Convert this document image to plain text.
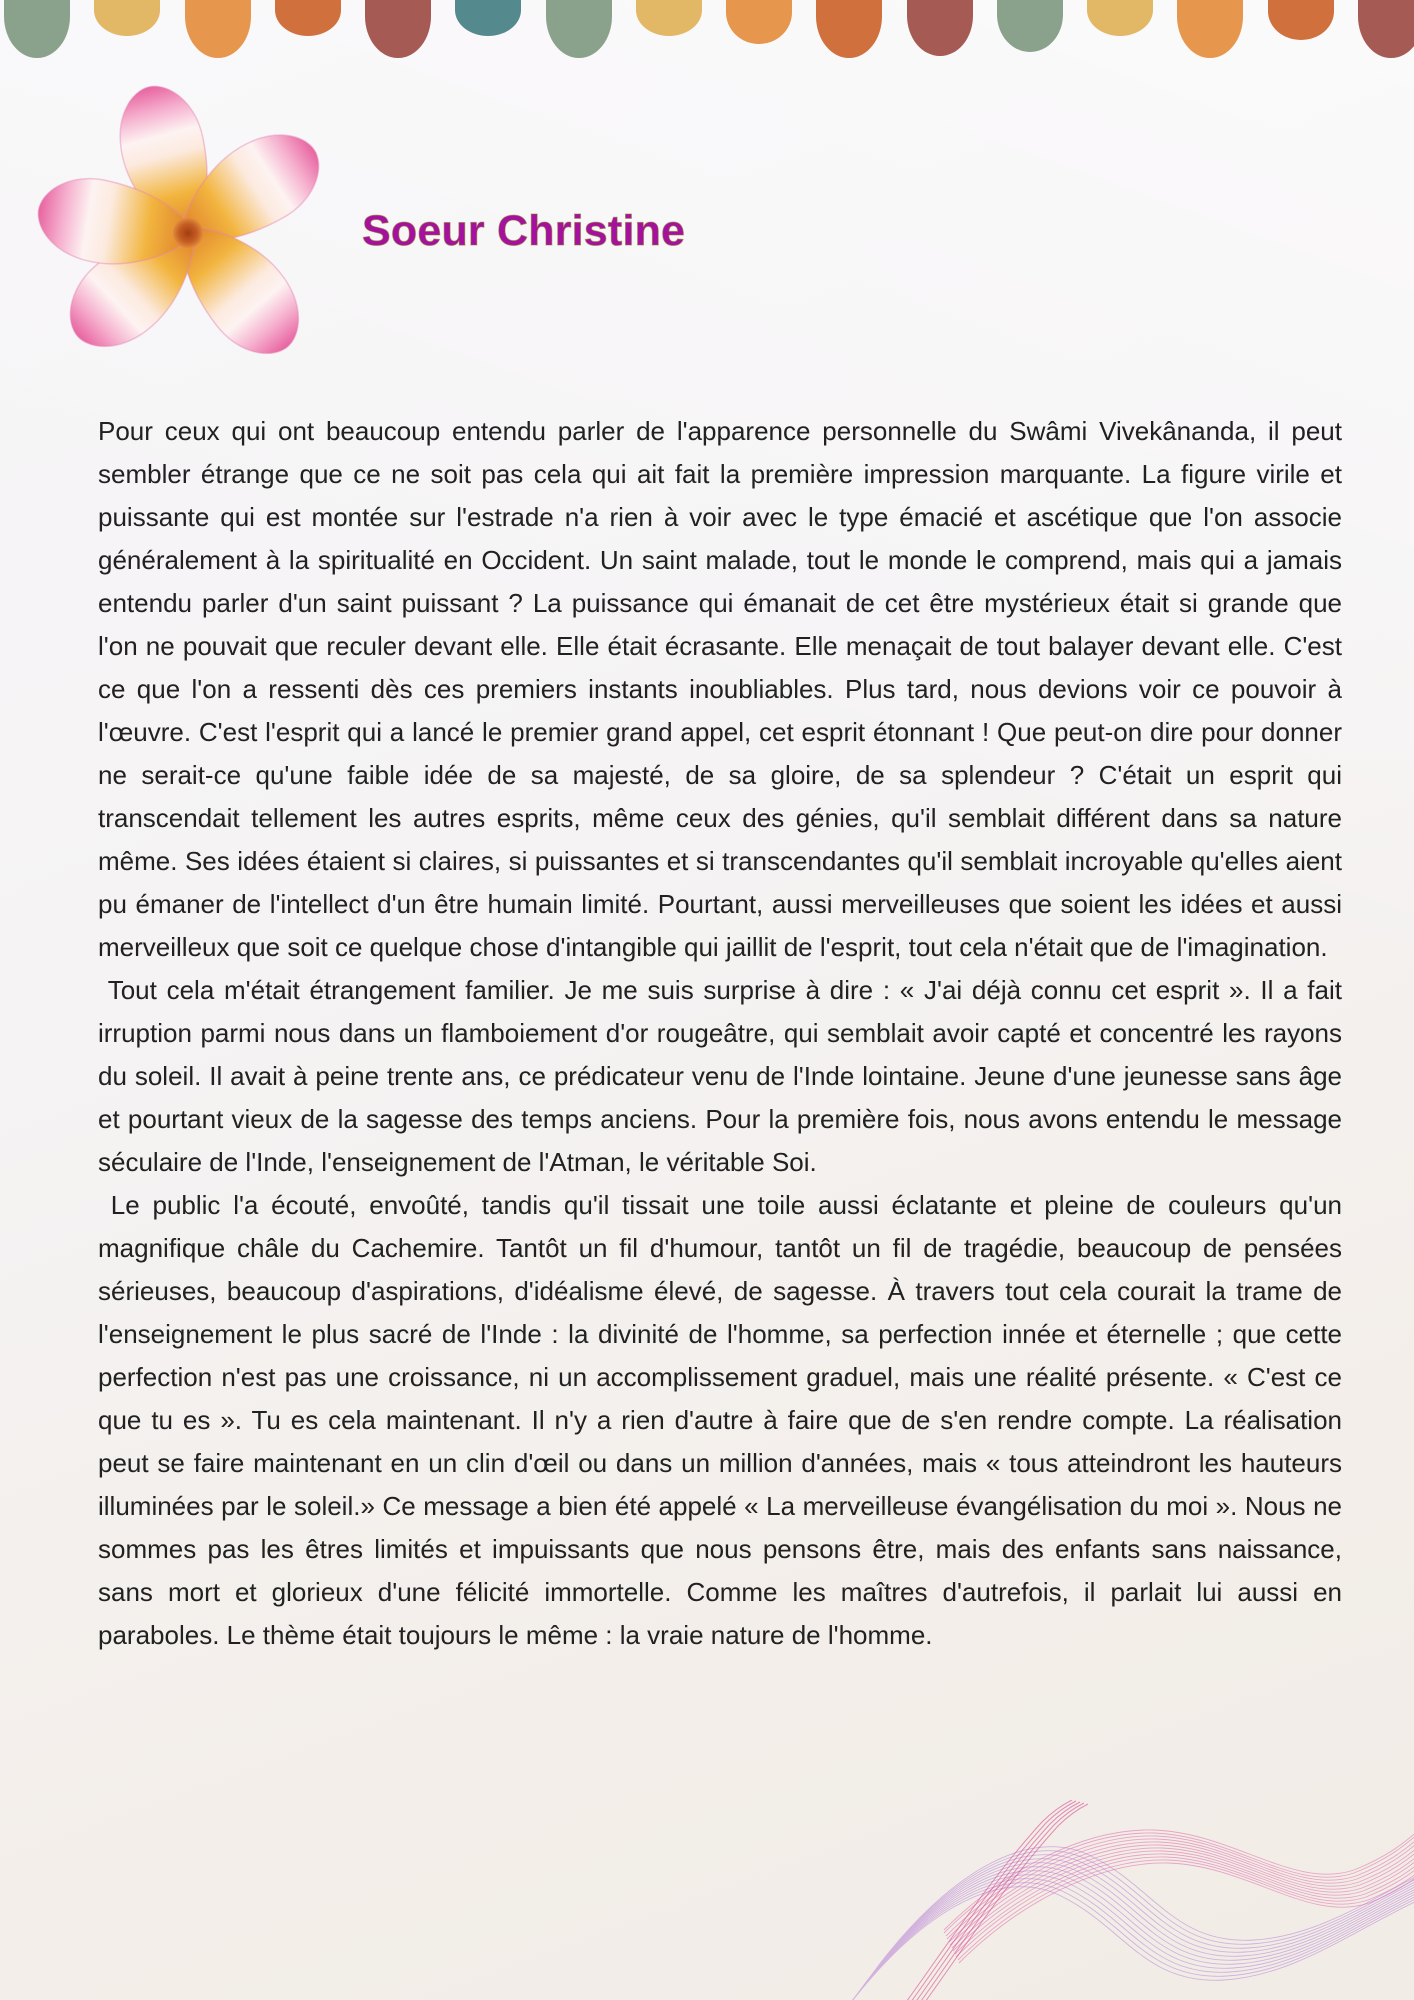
Soeur Christine

Pour ceux qui ont beaucoup entendu parler de l'apparence personnelle du Swâmi Vivekânanda, il peut sembler étrange que ce ne soit pas cela qui ait fait la première impression marquante. La figure virile et puissante qui est montée sur l'estrade n'a rien à voir avec le type émacié et ascétique que l'on associe généralement à la spiritualité en Occident. Un saint malade, tout le monde le comprend, mais qui a jamais entendu parler d'un saint puissant ? La puissance qui émanait de cet être mystérieux était si grande que l'on ne pouvait que reculer devant elle. Elle était écrasante. Elle menaçait de tout balayer devant elle. C'est ce que l'on a ressenti dès ces premiers instants inoubliables. Plus tard, nous devions voir ce pouvoir à l'œuvre. C'est l'esprit qui a lancé le premier grand appel, cet esprit étonnant ! Que peut-on dire pour donner ne serait-ce qu'une faible idée de sa majesté, de sa gloire, de sa splendeur ? C'était un esprit qui transcendait tellement les autres esprits, même ceux des génies, qu'il semblait différent dans sa nature même. Ses idées étaient si claires, si puissantes et si transcendantes qu'il semblait incroyable qu'elles aient pu émaner de l'intellect d'un être humain limité. Pourtant, aussi merveilleuses que soient les idées et aussi merveilleux que soit ce quelque chose d'intangible qui jaillit de l'esprit, tout cela n'était que de l'imagination.

Tout cela m'était étrangement familier. Je me suis surprise à dire : « J'ai déjà connu cet esprit ». Il a fait irruption parmi nous dans un flamboiement d'or rougeâtre, qui semblait avoir capté et concentré les rayons du soleil. Il avait à peine trente ans, ce prédicateur venu de l'Inde lointaine. Jeune d'une jeunesse sans âge et pourtant vieux de la sagesse des temps anciens. Pour la première fois, nous avons entendu le message séculaire de l'Inde, l'enseignement de l'Atman, le véritable Soi.

Le public l'a écouté, envoûté, tandis qu'il tissait une toile aussi éclatante et pleine de couleurs qu'un magnifique châle du Cachemire. Tantôt un fil d'humour, tantôt un fil de tragédie, beaucoup de pensées sérieuses, beaucoup d'aspirations, d'idéalisme élevé, de sagesse. À travers tout cela courait la trame de l'enseignement le plus sacré de l'Inde : la divinité de l'homme, sa perfection innée et éternelle ; que cette perfection n'est pas une croissance, ni un accomplissement graduel, mais une réalité présente. « C'est ce que tu es ». Tu es cela maintenant. Il n'y a rien d'autre à faire que de s'en rendre compte. La réalisation peut se faire maintenant en un clin d'œil ou dans un million d'années, mais « tous atteindront les hauteurs illuminées par le soleil.» Ce message a bien été appelé « La merveilleuse évangélisation du moi ». Nous ne sommes pas les êtres limités et impuissants que nous pensons être, mais des enfants sans naissance, sans mort et glorieux d'une félicité immortelle. Comme les maîtres d'autrefois, il parlait lui aussi en paraboles. Le thème était toujours le même : la vraie nature de l'homme.
